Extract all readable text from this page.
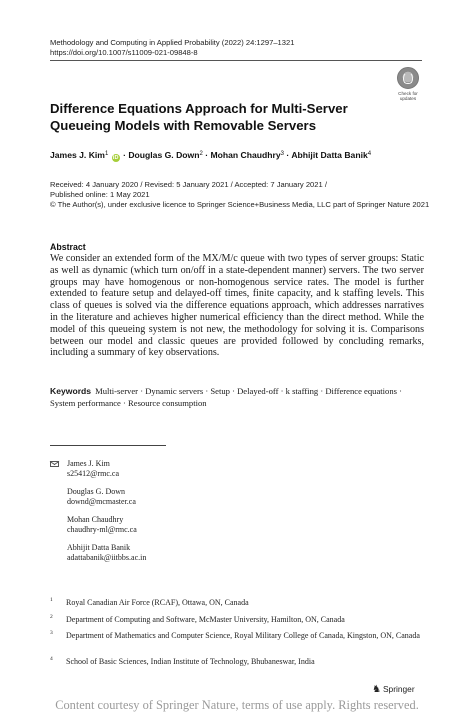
Methodology and Computing in Applied Probability (2022) 24:1297–1321
https://doi.org/10.1007/s11009-021-09848-8
Check for updates
Difference Equations Approach for Multi-Server
Queueing Models with Removable Servers
James J. Kim$^1$ iD · Douglas G. Down$^2$ · Mohan Chaudhry$^3$ · Abhijit Datta Banik$^4$
Received: 4 January 2020 / Revised: 5 January 2021 / Accepted: 7 January 2021 /
Published online: 1 May 2021
© The Author(s), under exclusive licence to Springer Science+Business Media, LLC part of Springer Nature 2021
Abstract
We consider an extended form of the MX/M/c queue with two types of server groups: Static as well as dynamic (which turn on/off in a state-dependent manner) servers. The two server groups may have homogenous or non-homogenous service rates. The model is further extended to feature setup and delayed-off times, finite capacity, and k staffing levels. This class of queues is solved via the difference equations approach, which addresses narratives in the literature and achieves higher numerical efficiency than the direct method. While the model of this queueing system is not new, the methodology for solving it is. Comparisons between our model and classic queues are provided followed by concluding remarks, including a summary of key observations.
Keywords Multi-server · Dynamic servers · Setup · Delayed-off · k staffing · Difference equations · System performance · Resource consumption
James J. Kim
s25412@rmc.ca
Douglas G. Down
downd@mcmaster.ca
Mohan Chaudhry
chaudhry-ml@rmc.ca
Abhijit Datta Banik
adattabanik@iitbbs.ac.in
1 Royal Canadian Air Force (RCAF), Ottawa, ON, Canada
2 Department of Computing and Software, McMaster University, Hamilton, ON, Canada
3 Department of Mathematics and Computer Science, Royal Military College of Canada, Kingston, ON, Canada
4 School of Basic Sciences, Indian Institute of Technology, Bhubaneswar, India
♞ Springer
Content courtesy of Springer Nature, terms of use apply. Rights reserved.
